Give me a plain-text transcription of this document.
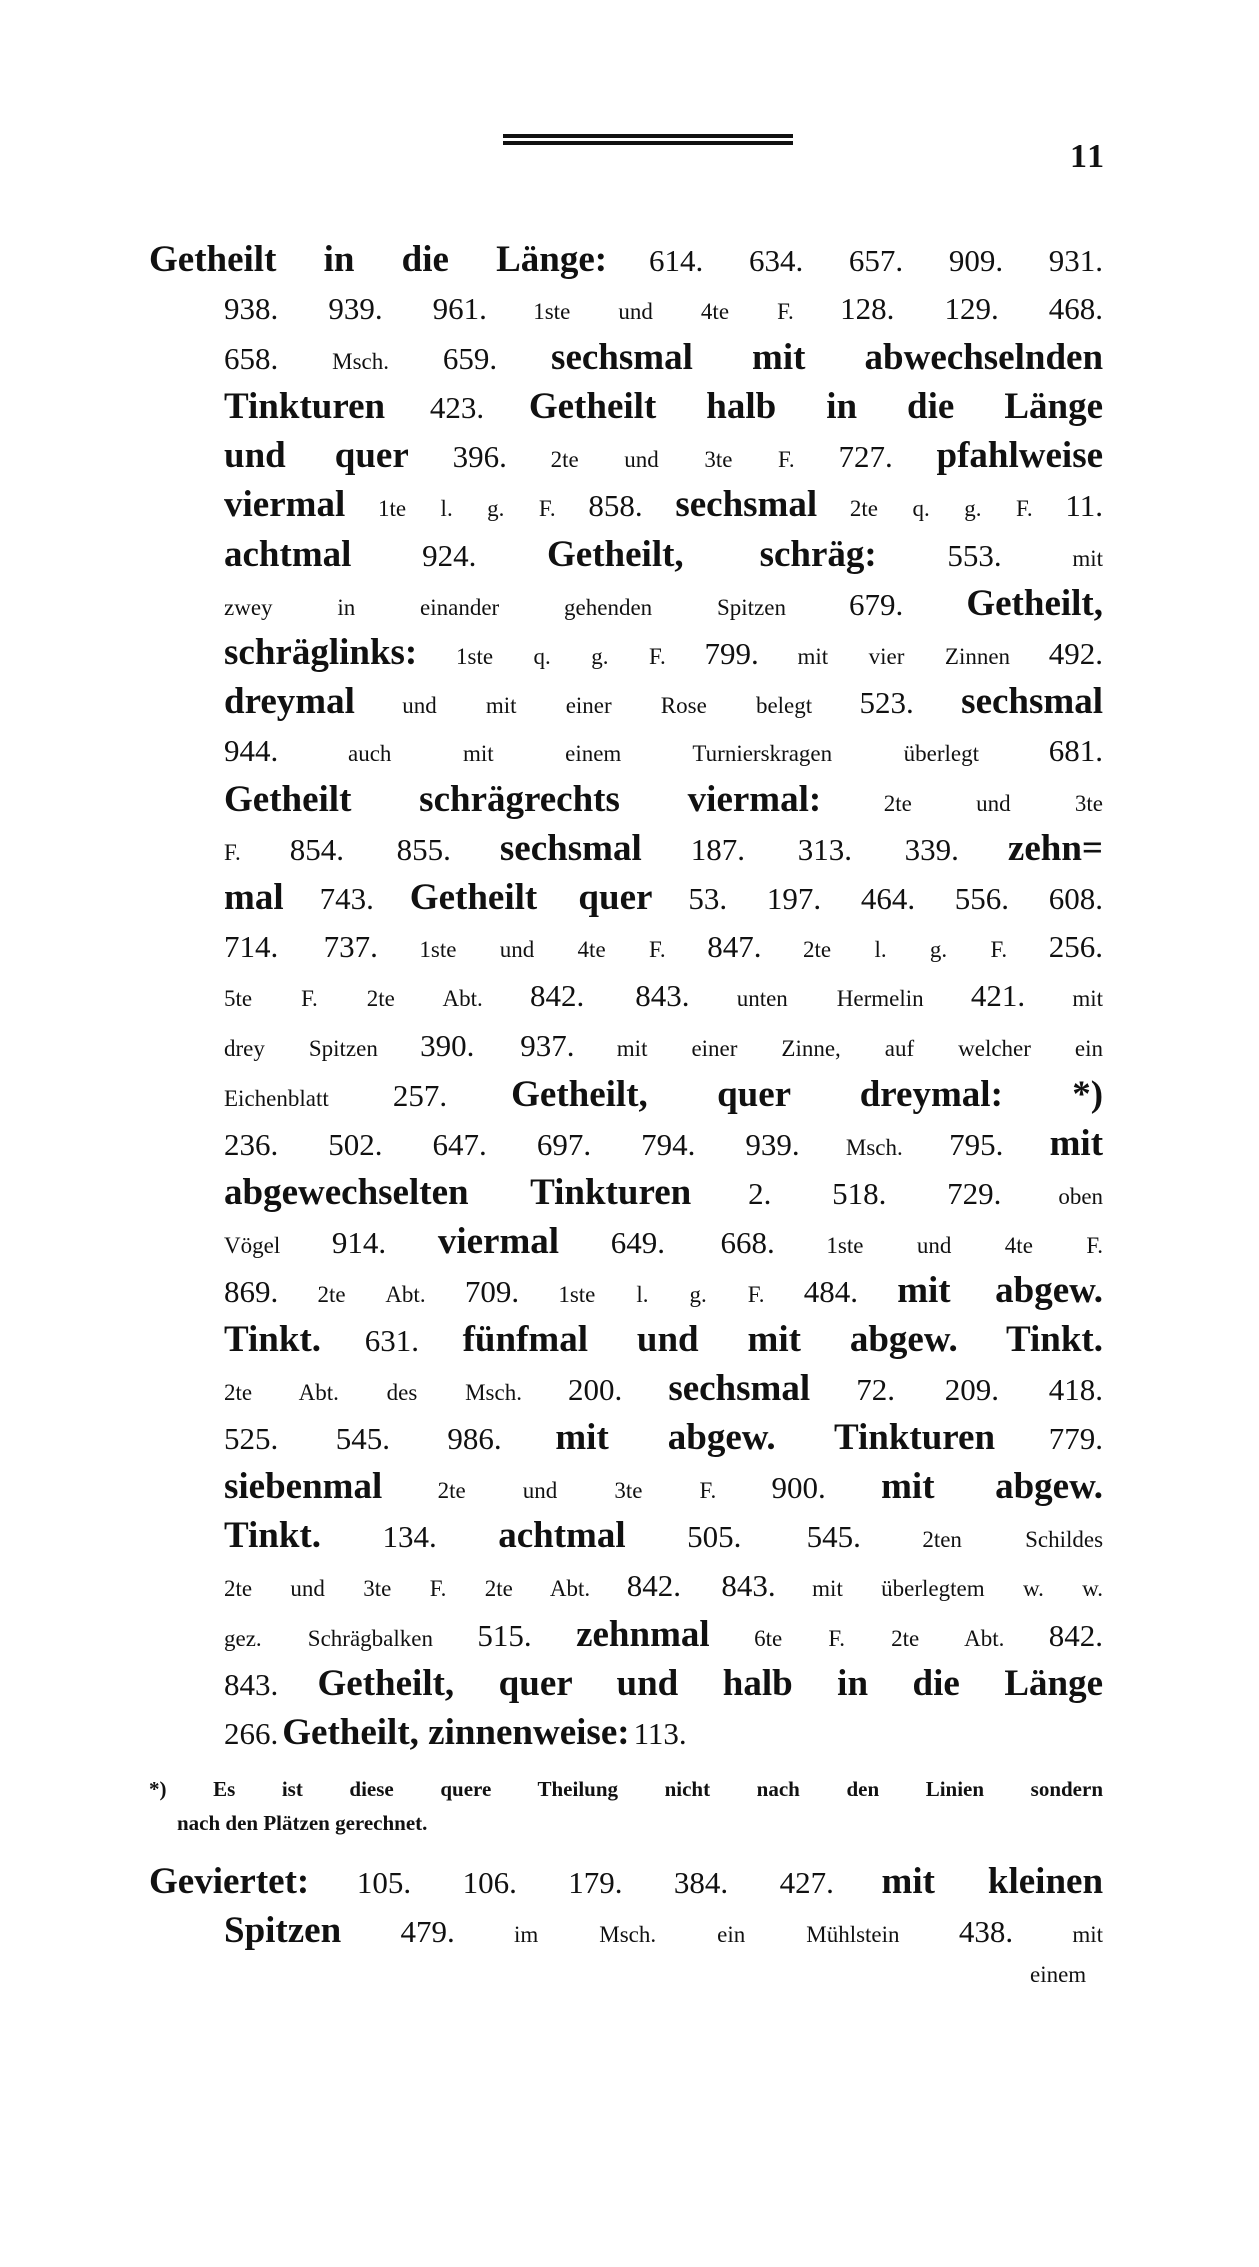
11
Getheilt in die Länge: 614. 634. 657. 909. 931.
938. 939. 961. 1ste und 4te F. 128. 129. 468.
658. Msch. 659. sechsmal mit abwechselnden
Tinkturen 423. Getheilt halb in die Länge
und quer 396. 2te und 3te F. 727. pfahlweise
viermal 1te l. g. F. 858. sechsmal 2te q. g. F. 11.
achtmal 924. Getheilt, schräg: 553.	mit
zwey in einander gehenden Spitzen 679. Getheilt,
schräglinks: 1ste q. g. F. 799. mit vier Zinnen 492.
dreymal und mit einer Rose belegt 523. sechsmal
944.	auch mit einem Turnierskragen überlegt 681.
Getheilt schrägrechts viermal:	2te und 3te
F. 854. 855. sechsmal 187. 313. 339. zehn=
mal 743. Getheilt quer 53. 197. 464. 556. 608.
714. 737. 1ste und 4te F. 847. 2te l. g. F. 256.
5te F. 2te Abt. 842. 843. unten Hermelin 421. mit
drey Spitzen 390. 937. mit einer Zinne, auf welcher ein
Eichenblatt 257. Getheilt, quer dreymal: *)
236. 502. 647. 697. 794. 939. Msch. 795. mit
abgewechselten Tinkturen 2. 518. 729. oben
Vögel 914. viermal 649. 668. 1ste und 4te F.
869. 2te Abt. 709. 1ste l. g. F. 484. mit abgew.
Tinkt. 631. fünfmal und mit abgew. Tinkt.
2te Abt. des Msch. 200. sechsmal 72. 209. 418.
525. 545. 986. mit abgew. Tinkturen 779.
siebenmal 2te und 3te F. 900. mit abgew.
Tinkt. 134. achtmal 505. 545.	2ten Schildes
2te und 3te F. 2te Abt. 842. 843. mit überlegtem w. w.
gez. Schrägbalken 515. zehnmal 6te F. 2te Abt. 842.
843. Getheilt, quer und halb in die Länge
266. Getheilt, zinnenweise: 113.
*) Es ist diese quere Theilung nicht nach den Linien sondern
nach den Plätzen gerechnet.
Geviertet: 105. 106. 179. 384. 427. mit kleinen
Spitzen 479.	im Msch. ein Mühlstein 438.	mit
einem
